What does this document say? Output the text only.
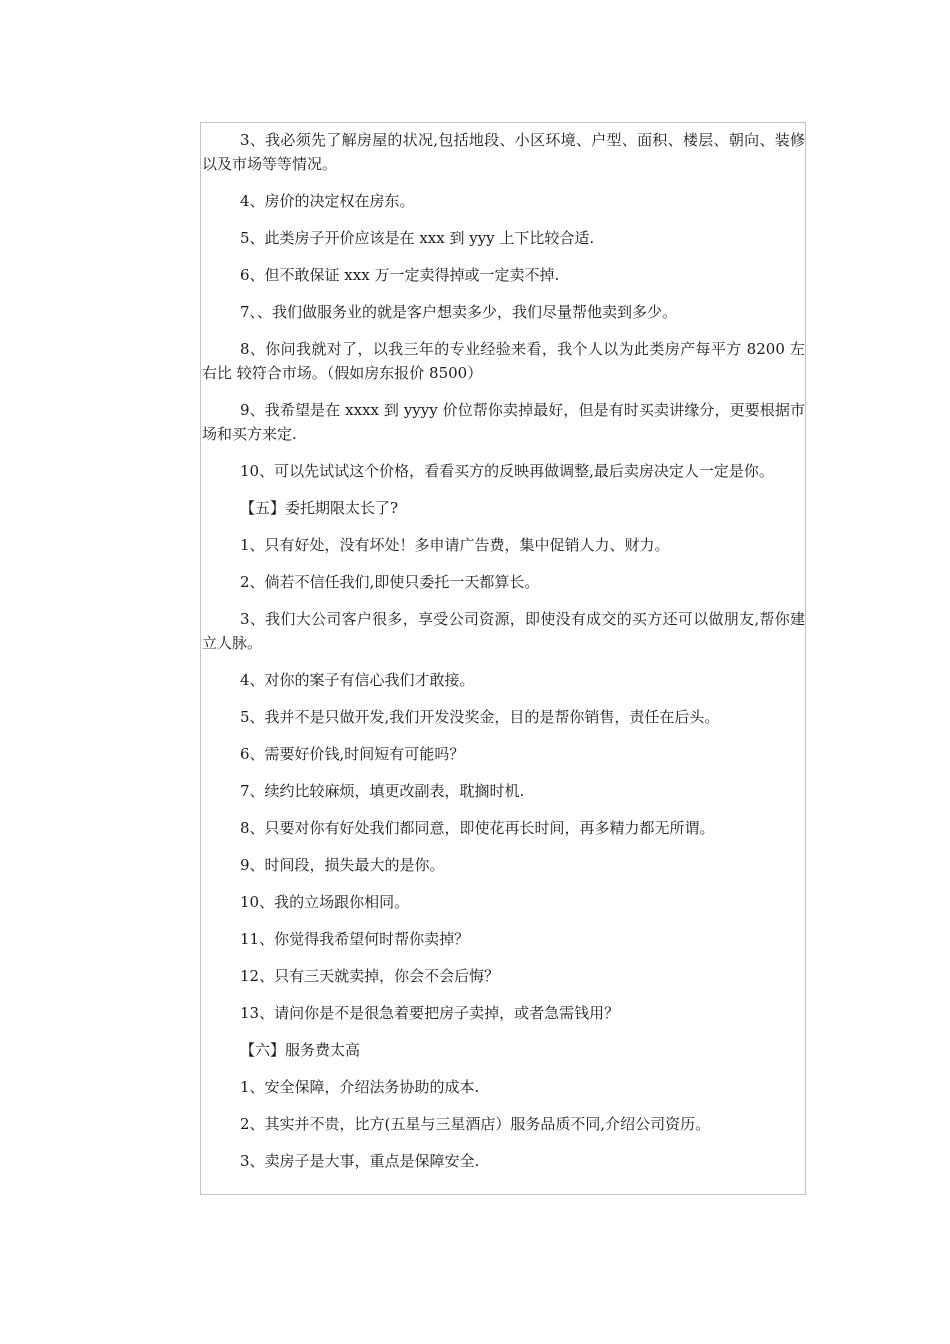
3、我必须先了解房屋的状况,包括地段、小区环境、户型、面积、楼层、朝向、装修以及市场等等情况。

4、房价的决定权在房东。

5、此类房子开价应该是在 xxx 到 yyy 上下比较合适.

6、但不敢保证 xxx 万一定卖得掉或一定卖不掉.

7、、我们做服务业的就是客户想卖多少，我们尽量帮他卖到多少。

8、你问我就对了，以我三年的专业经验来看，我个人以为此类房产每平方 8200 左右比 较符合市场。（假如房东报价 8500）

9、我希望是在 xxxx 到 yyyy 价位帮你卖掉最好，但是有时买卖讲缘分，更要根据市场和买方来定.

10、可以先试试这个价格，看看买方的反映再做调整,最后卖房决定人一定是你。

【五】委托期限太长了?

1、只有好处，没有坏处！多申请广告费，集中促销人力、财力。

2、倘若不信任我们,即使只委托一天都算长。

3、我们大公司客户很多，享受公司资源，即使没有成交的买方还可以做朋友,帮你建立人脉。

4、对你的案子有信心我们才敢接。

5、我并不是只做开发,我们开发没奖金，目的是帮你销售，责任在后头。

6、需要好价钱,时间短有可能吗？

7、续约比较麻烦，填更改副表，耽搁时机.

8、只要对你有好处我们都同意，即使花再长时间，再多精力都无所谓。

9、时间段，损失最大的是你。

10、我的立场跟你相同。

11、你觉得我希望何时帮你卖掉？

12、只有三天就卖掉，你会不会后悔？

13、请问你是不是很急着要把房子卖掉，或者急需钱用？

【六】服务费太高

1、安全保障，介绍法务协助的成本.

2、其实并不贵，比方(五星与三星酒店）服务品质不同,介绍公司资历。

3、卖房子是大事，重点是保障安全.
